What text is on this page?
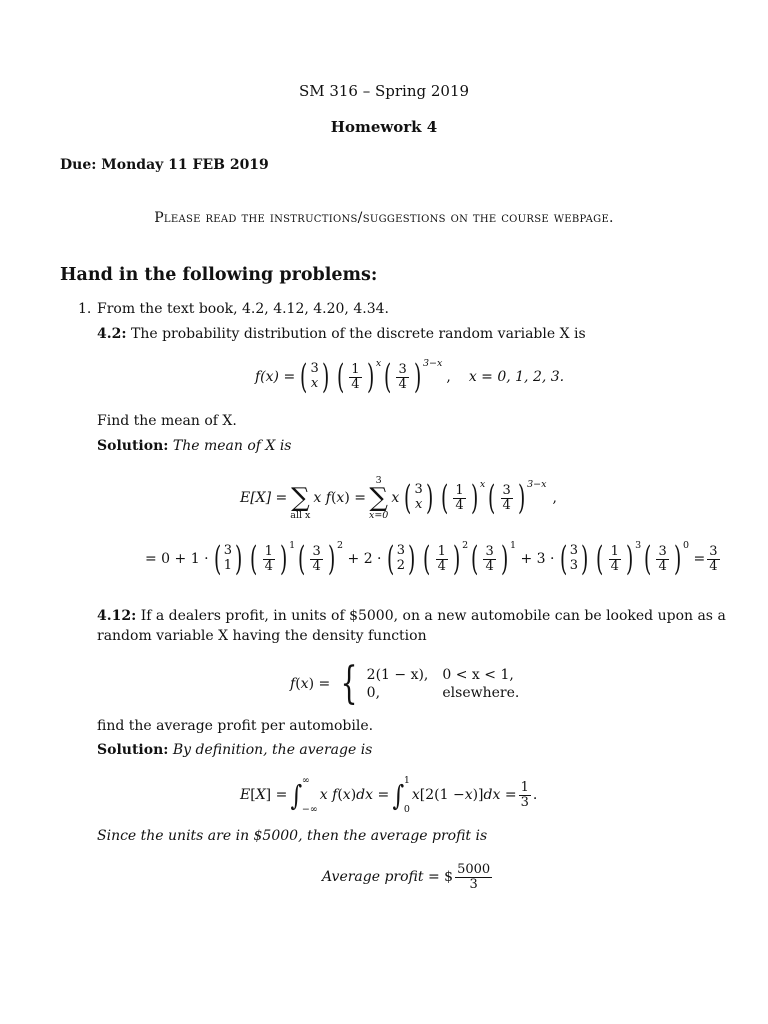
SM 316 – Spring 2019
Homework 4
Due: Monday 11 FEB 2019
Please read the instructions/suggestions on the course webpage.
Hand in the following problems:
1. From the text book, 4.2, 4.12, 4.20, 4.34.
4.2: The probability distribution of the discrete random variable X is
f(x) = ( 3
x ) ( $\frac{1}{4}$ ) x ( $\frac{3}{4}$ ) 3−x
, x = 0, 1, 2, 3.
Find the mean of X.
Solution: The mean of X is
E[X] =
∑
all x
x f ( x ) =
3
∑
x=0
x ( 3
x ) ( $\frac{1}{4}$ ) x ( $\frac{3}{4}$ ) 3−x
,
= 0 + 1 · ( 3
1 ) ( $\frac{1}{4}$ ) 1 ( $\frac{3}{4}$ ) 2
+ 2 · ( 3
2 ) ( $\frac{1}{4}$ ) 2 ( $\frac{3}{4}$ ) 1
+ 3 · ( 3
3 ) ( $\frac{1}{4}$ ) 3 ( $\frac{3}{4}$ ) 0
= $\frac{3}{4}$
4.12: If a dealers profit, in units of $5000, on a new automobile can be looked upon as a
random variable X having the density function
f ( x ) = { 2(1 − x), 0 < x < 1,
0,	elsewhere.
find the average profit per automobile.
Solution: By definition, the average is
E [ X ] = ∫ ∞
−∞
x f ( x ) dx = ∫ 1
0
x [2(1 − x )] dx = $\frac{1}{3}$ .
Since the units are in $5000, then the average profit is
Average profit = $ $\frac{5000}{3}$
